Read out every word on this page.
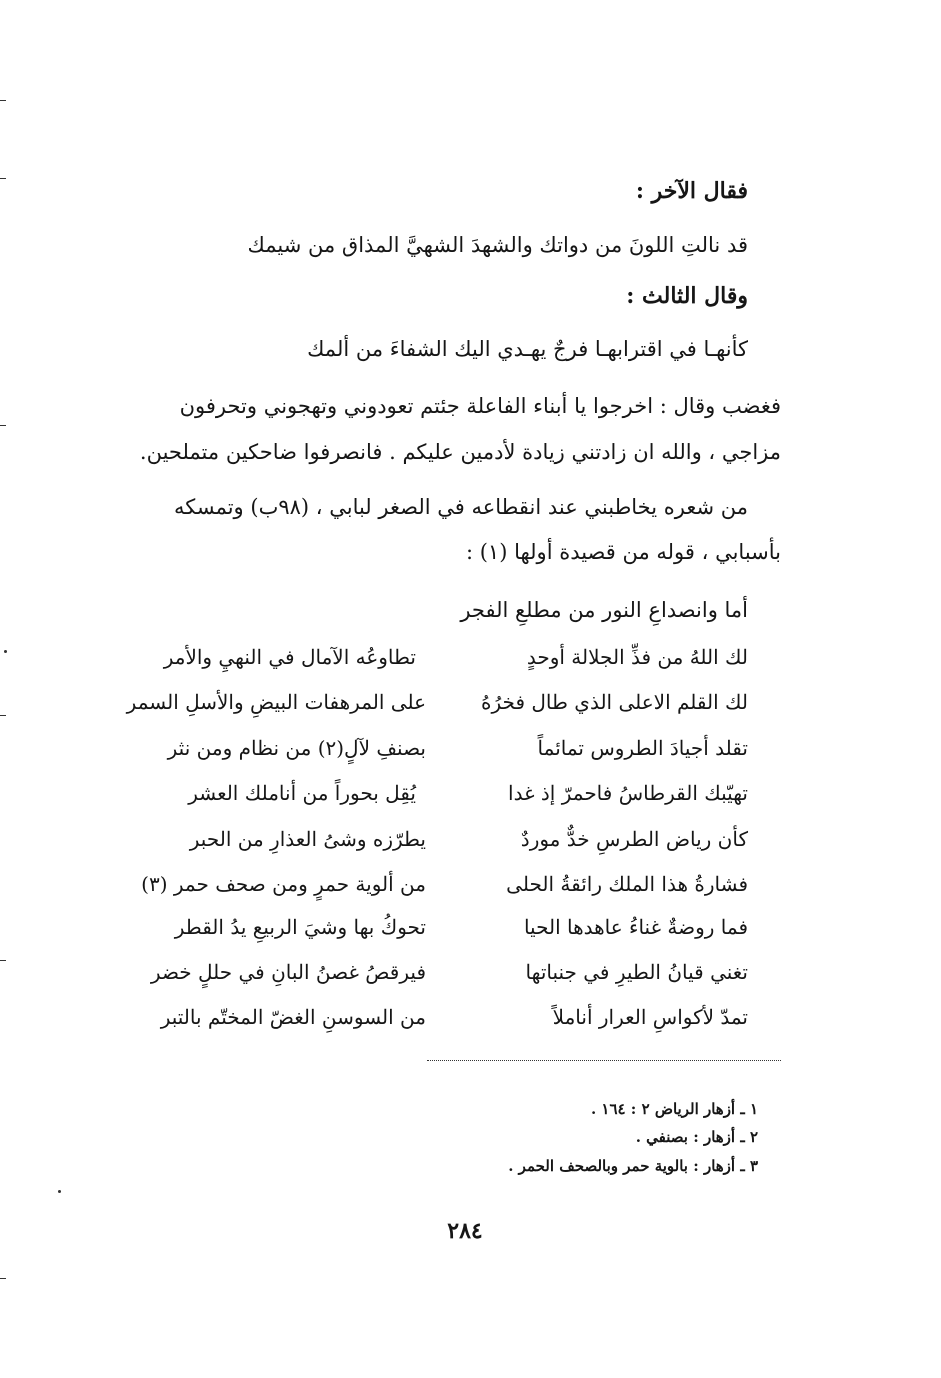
فقال الآخر :
قد نالتِ اللونَ من دواتك والشهدَ الشهيَّ المذاق من شيمك
وقال الثالث :
كأنهـا في اقترابهـا فرجٌ يهـدي اليك الشفاءَ من ألمك
فغضب وقال : اخرجوا يا أبناء الفاعلة جئتم تعودوني وتهجوني وتحرفون
مزاجي ، والله ان زادتني زيادة لأدمين عليكم . فانصرفوا ضاحكين متملحين.
من شعره يخاطبني عند انقطاعه في الصغر لبابي ، (٩٨ب) وتمسكه
بأسبابي ، قوله من قصيدة أولها (١) :
أما وانصداعِ النور من مطلعِ الفجر
لك اللهُ من فذِّ الجلالة أوحدٍ
تطاوعُه الآمال في النهيِ والأمر
لك القلم الاعلى الذي طال فخرُهُ
على المرهفات البيضِ والأسلِ السمر
تقلد أجيادَ الطروس تمائماً
بصنفِ لآلٍ(٢) من نظام ومن نثر
تهيّبك القرطاسُ فاحمرّ إذ غدا
يُقِل بحوراً من أناملك العشر
كأن رياض الطرسِ خدٌّ موردٌ
يطرّزه وشىُ العذارِ من الحبر
فشارةُ هذا الملك رائقةُ الحلى
من ألوية حمرٍ ومن صحف حمر (٣)
فما روضةٌ غناءُ عاهدها الحيا
تحوكُ بها وشيَ الربيعِ يدُ القطر
تغني قيانُ الطيرِ في جنباتها
فيرقصُ غصنُ البانِ في حللٍ خضر
تمدّ لأكواسِ العرار أناملاً
من السوسنِ الغضّ المختّم بالتبر
١ ـ أزهار الرياض ٢ : ١٦٤ .
٢ ـ أزهار : بصنفي .
٣ ـ أزهار : بالوية حمر وبالصحف الحمر .
٢٨٤
